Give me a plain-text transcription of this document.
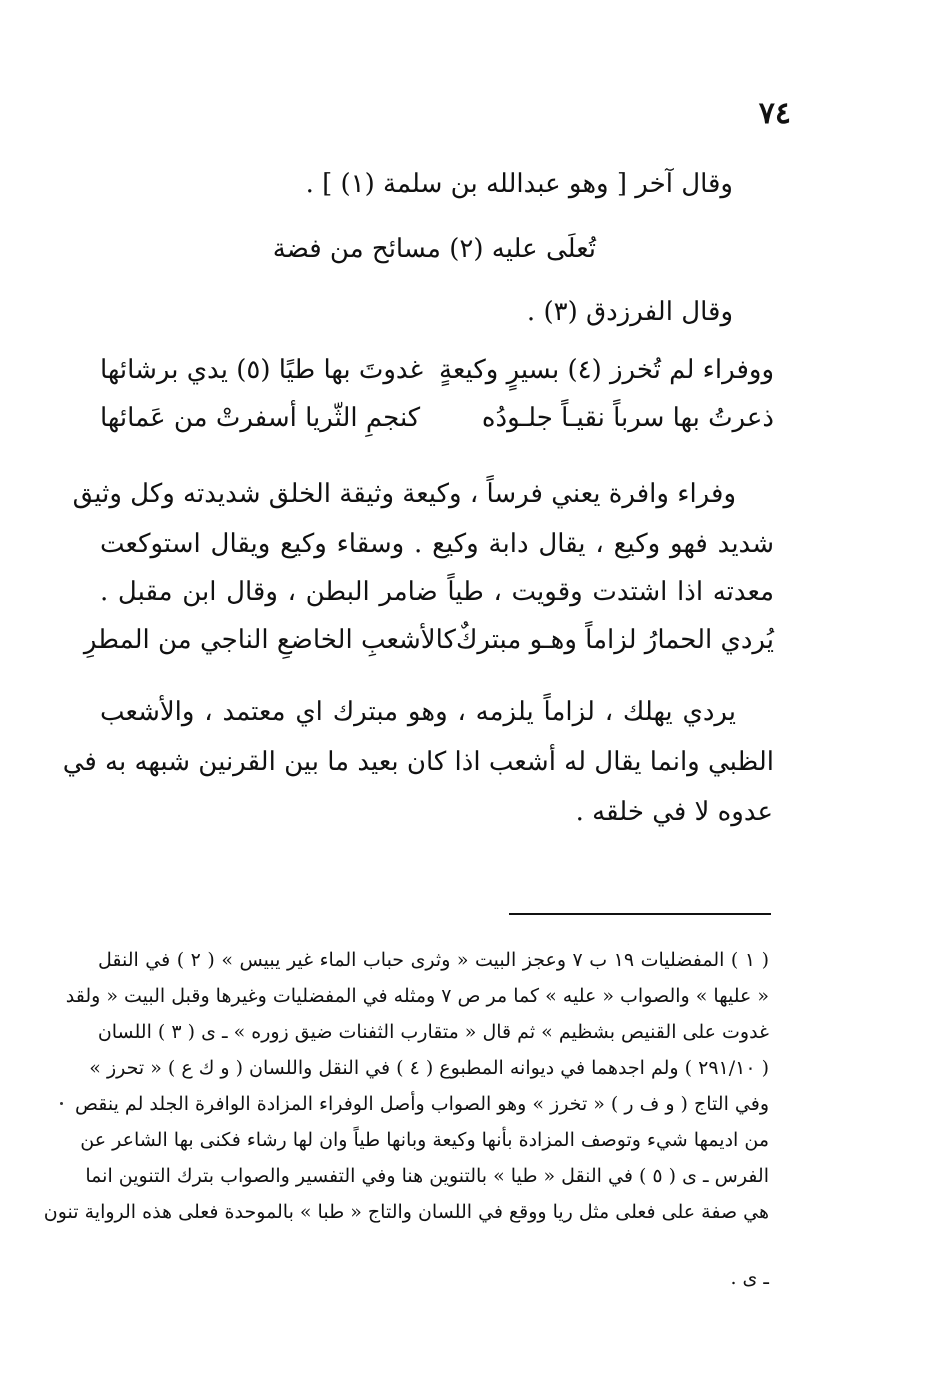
٧٤
وقال آخر [ وهو عبدالله بن سلمة (١) ] .
تُعلَى عليه (٢) مسائح من فضة
وقال الفرزدق (٣) .
ووفراء لم تُخرز (٤) بسيرٍ وكيعةٍ
غدوتَ بها طيًا (٥) يدي برشائها
ذعرتُ بها سرباً نقيـاً جلـودُه
كنجمِ الثّريا أسفرتْ من عَمائها
وفراء وافرة يعني فرساً ، وكيعة وثيقة الخلق شديدته وكل وثيق
شديد فهو وكيع ، يقال دابة وكيع . وسقاء وكيع ويقال استوكعت
معدته اذا اشتدت وقويت ، طياً ضامر البطن ، وقال ابن مقبل .
يُردي الحمارُ لزاماً وهـو مبتركٌ
كالأشعبِ الخاضعِ الناجي من المطرِ
يردي يهلك ، لزاماً يلزمه ، وهو مبترك اي معتمد ، والأشعب
الظبي وانما يقال له أشعب اذا كان بعيد ما بين القرنين شبهه به في
عدوه لا في خلقه .
( ١ ) المفضليات ١٩ ب ٧ وعجز البيت « وثرى حباب الماء غير يبيس » ( ٢ ) في النقل
« عليها » والصواب « عليه » كما مر ص ٧ ومثله في المفضليات وغيرها وقبل البيت « ولقد
غدوت على القنيص بشظيم » ثم قال « متقارب الثفنات ضيق زوره » ـ ى ( ٣ ) اللسان
( ٢٩١/١٠ ) ولم اجدهما في ديوانه المطبوع ( ٤ ) في النقل واللسان ( و ك ع ) « تحرز »
وفي التاج ( و ف ر ) « تخرز » وهو الصواب وأصل الوفراء المزادة الوافرة الجلد لم ينقص
من اديمها شيء وتوصف المزادة بأنها وكيعة وبانها طياً وان لها رشاء فكنى بها الشاعر عن
الفرس ـ ى ( ٥ ) في النقل « طيا » بالتنوين هنا وفي التفسير والصواب بترك التنوين انما
هي صفة على فعلى مثل ريا ووقع في اللسان والتاج « طبا » بالموحدة فعلى هذه الرواية تنون
ـ ى .
